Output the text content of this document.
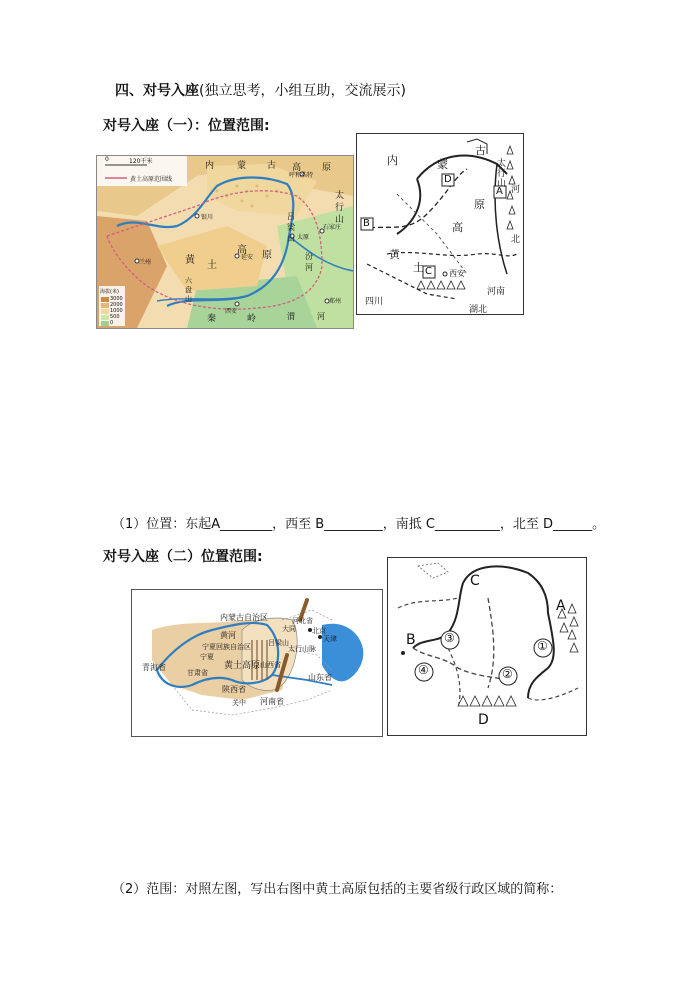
四、对号入座(独立思考，小组互助，交流展示)
对号入座（一）：位置范围:
0	120千米
黄土高原范围线
海拔(米)
3000
2000
1000
500
0
内	蒙 古 高 原
吕
梁
山
汾
河
太
行
山
黄 土
高 原
秦	岭	渭	河
六
盘
山
呼和浩特
太原
石家庄
银川
西安
郑州
延安
兰州
内	蒙
古
高
原
黄
土
D
A
B
C
河
北
西安
四川
湖北
河南
太
行
山
（1）位置：东起A________，西至 B_________，南抵 C__________，北至 D______。
对号入座（二）位置范围:
内蒙古自治区
黄河
宁夏回族自治区
黄土高原 山西省
河北省
北京
天津
大同
太行山脉
吕梁山
青海省
甘肃省
陕西省
河南省
山东省
关中
宁夏
C
A
B
D
①
②
③
④
（2）范围：对照左图，写出右图中黄土高原包括的主要省级行政区域的简称：
